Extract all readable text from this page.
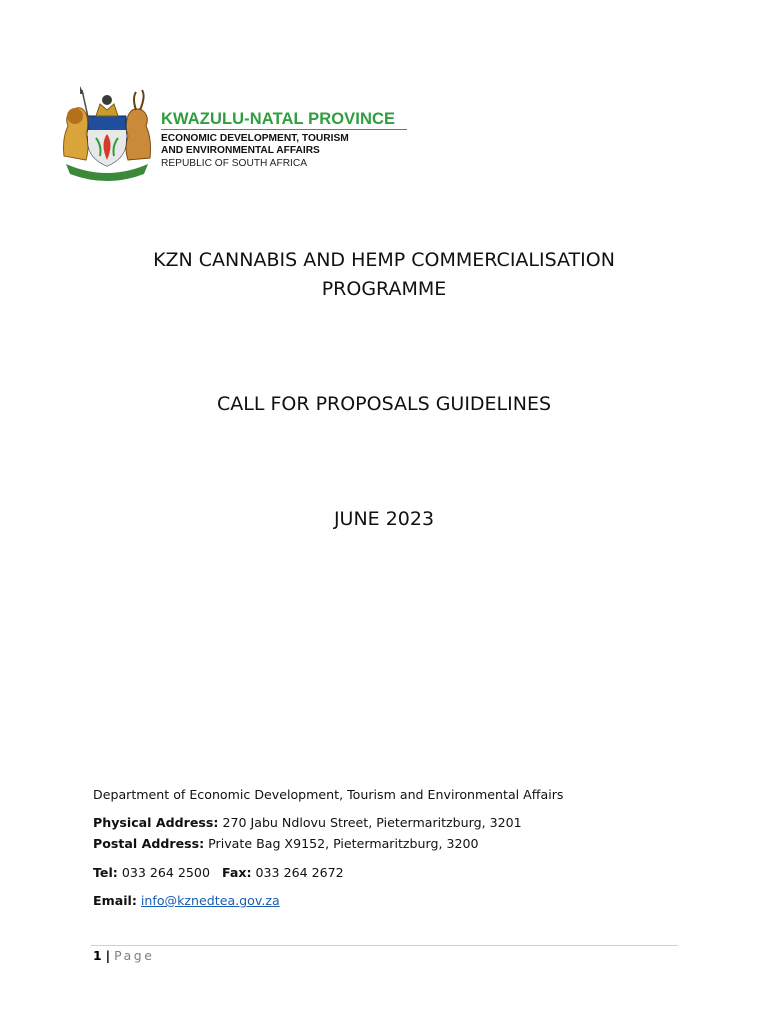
KWAZULU-NATAL PROVINCE
ECONOMIC DEVELOPMENT, TOURISM
AND ENVIRONMENTAL AFFAIRS
REPUBLIC OF SOUTH AFRICA
KZN CANNABIS AND HEMP COMMERCIALISATION
PROGRAMME
CALL FOR PROPOSALS GUIDELINES
JUNE 2023
Department of Economic Development, Tourism and Environmental Affairs
Physical Address: 270 Jabu Ndlovu Street, Pietermaritzburg, 3201
Postal Address: Private Bag X9152, Pietermaritzburg, 3200
Tel: 033 264 2500 Fax: 033 264 2672
Email: info@kznedtea.gov.za
1 | Page
